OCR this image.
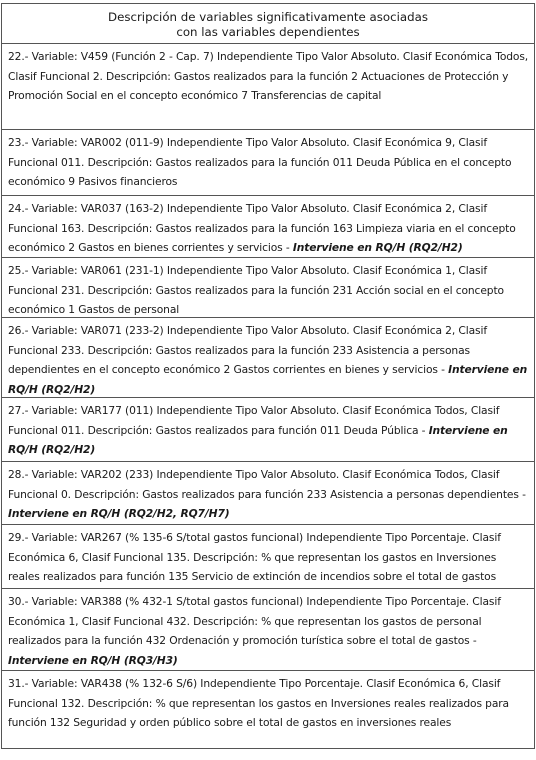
Descripción de variables significativamente asociadas
con las variables dependientes
22.- Variable: V459 (Función 2 - Cap. 7) Independiente Tipo Valor Absoluto. Clasif Económica Todos, Clasif Funcional 2. Descripción: Gastos realizados para la función 2 Actuaciones de Protección y Promoción Social en el concepto económico 7 Transferencias de capital
23.- Variable: VAR002 (011-9) Independiente Tipo Valor Absoluto. Clasif Económica 9, Clasif Funcional 011. Descripción: Gastos realizados para la función 011 Deuda Pública en el concepto económico 9 Pasivos financieros
24.- Variable: VAR037 (163-2) Independiente Tipo Valor Absoluto. Clasif Económica 2, Clasif Funcional 163. Descripción: Gastos realizados para la función 163 Limpieza viaria en el concepto económico 2 Gastos en bienes corrientes y servicios - Interviene en RQ/H (RQ2/H2)
25.- Variable: VAR061 (231-1) Independiente Tipo Valor Absoluto. Clasif Económica 1, Clasif Funcional 231. Descripción: Gastos realizados para la función 231 Acción social en el concepto económico 1 Gastos de personal
26.- Variable: VAR071 (233-2) Independiente Tipo Valor Absoluto. Clasif Económica 2, Clasif Funcional 233. Descripción: Gastos realizados para la función 233 Asistencia a personas dependientes en el concepto económico 2 Gastos corrientes en bienes y servicios - Interviene en RQ/H (RQ2/H2)
27.- Variable: VAR177 (011) Independiente Tipo Valor Absoluto. Clasif Económica Todos, Clasif Funcional 011. Descripción: Gastos realizados para función 011 Deuda Pública - Interviene en RQ/H (RQ2/H2)
28.- Variable: VAR202 (233) Independiente Tipo Valor Absoluto. Clasif Económica Todos, Clasif Funcional 0. Descripción: Gastos realizados para función 233 Asistencia a personas dependientes - Interviene en RQ/H (RQ2/H2, RQ7/H7)
29.- Variable: VAR267 (% 135-6 S/total gastos funcional) Independiente Tipo Porcentaje. Clasif Económica 6, Clasif Funcional 135. Descripción: % que representan los gastos en Inversiones reales realizados para función 135 Servicio de extinción de incendios sobre el total de gastos
30.- Variable: VAR388 (% 432-1 S/total gastos funcional) Independiente Tipo Porcentaje. Clasif Económica 1, Clasif Funcional 432. Descripción: % que representan los gastos de personal realizados para la función 432 Ordenación y promoción turística sobre el total de gastos - Interviene en RQ/H (RQ3/H3)
31.- Variable: VAR438 (% 132-6 S/6) Independiente Tipo Porcentaje. Clasif Económica 6, Clasif Funcional 132. Descripción: % que representan los gastos en Inversiones reales realizados para función 132 Seguridad y orden público sobre el total de gastos en inversiones reales
